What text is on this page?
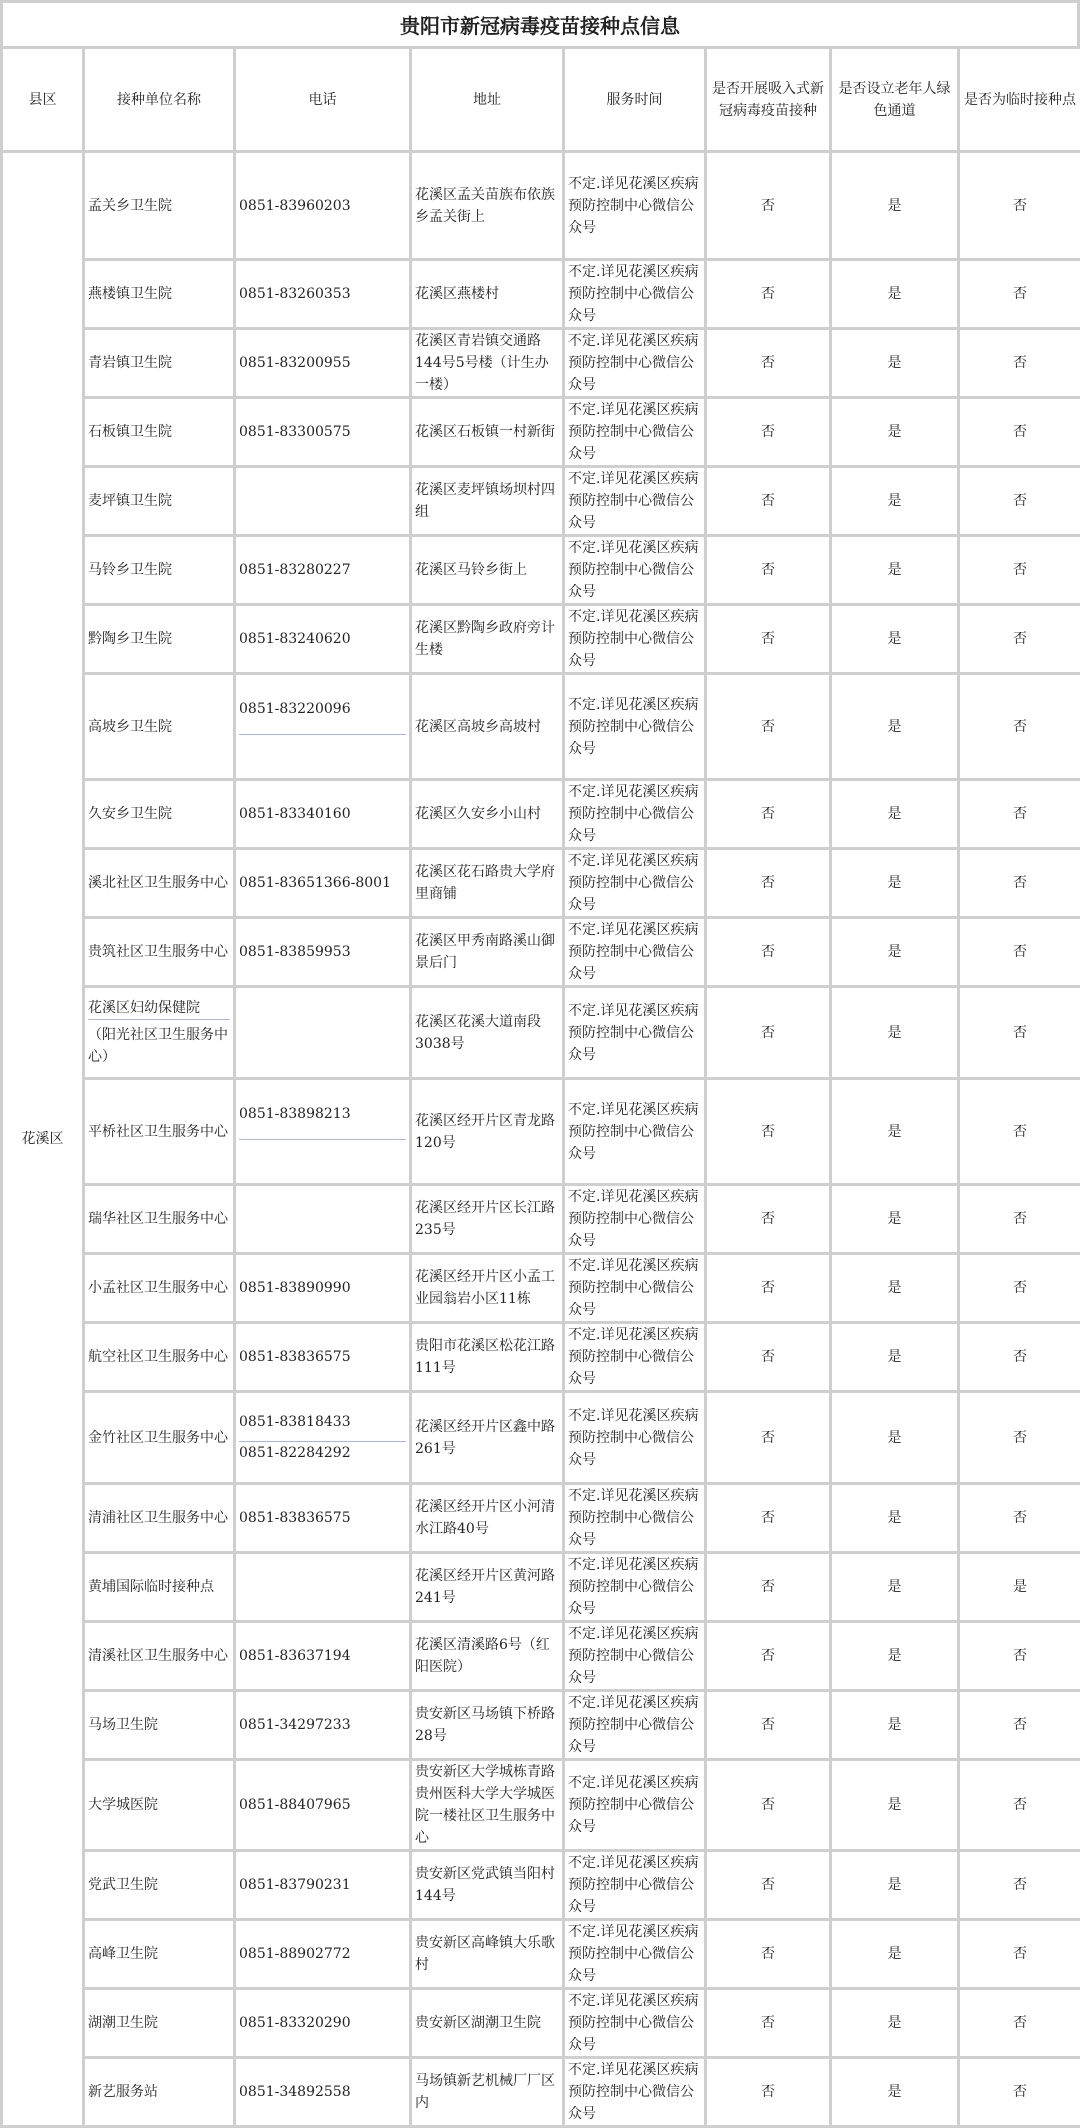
贵阳市新冠病毒疫苗接种点信息
县区	接种单位名称	电话	地址	服务时间	是否开展吸入式新冠病毒疫苗接种	是否设立老年人绿色通道	是否为临时接种点
花溪区	孟关乡卫生院	0851-83960203	花溪区孟关苗族布依族乡孟关街上	不定.详见花溪区疾病预防控制中心微信公众号	否	是	否

	燕楼镇卫生院	0851-83260353	花溪区燕楼村	不定.详见花溪区疾病预防控制中心微信公众号	否	是	否

	青岩镇卫生院	0851-83200955	花溪区青岩镇交通路144号5号楼（计生办一楼）	不定.详见花溪区疾病预防控制中心微信公众号	否	是	否

	石板镇卫生院	0851-83300575	花溪区石板镇一村新街	不定.详见花溪区疾病预防控制中心微信公众号	否	是	否

	麦坪镇卫生院		花溪区麦坪镇场坝村四组	不定.详见花溪区疾病预防控制中心微信公众号	否	是	否

	马铃乡卫生院	0851-83280227	花溪区马铃乡街上	不定.详见花溪区疾病预防控制中心微信公众号	否	是	否

	黔陶乡卫生院	0851-83240620	花溪区黔陶乡政府旁计生楼	不定.详见花溪区疾病预防控制中心微信公众号	否	是	否

	高坡乡卫生院	0851-83220096	花溪区高坡乡高坡村	不定.详见花溪区疾病预防控制中心微信公众号	否	是	否

	久安乡卫生院	0851-83340160	花溪区久安乡小山村	不定.详见花溪区疾病预防控制中心微信公众号	否	是	否

	溪北社区卫生服务中心	0851-83651366-8001	花溪区花石路贵大学府里商铺	不定.详见花溪区疾病预防控制中心微信公众号	否	是	否

	贵筑社区卫生服务中心	0851-83859953	花溪区甲秀南路溪山御景后门	不定.详见花溪区疾病预防控制中心微信公众号	否	是	否

	花溪区妇幼保健院
（阳光社区卫生服务中心）		花溪区花溪大道南段3038号	不定.详见花溪区疾病预防控制中心微信公众号	否	是	否

	平桥社区卫生服务中心	0851-83898213	花溪区经开片区青龙路120号	不定.详见花溪区疾病预防控制中心微信公众号	否	是	否

	瑞华社区卫生服务中心		花溪区经开片区长江路235号	不定.详见花溪区疾病预防控制中心微信公众号	否	是	否

	小孟社区卫生服务中心	0851-83890990	花溪区经开片区小孟工业园翁岩小区11栋	不定.详见花溪区疾病预防控制中心微信公众号	否	是	否

	航空社区卫生服务中心	0851-83836575	贵阳市花溪区松花江路111号	不定.详见花溪区疾病预防控制中心微信公众号	否	是	否

	金竹社区卫生服务中心	0851-83818433
0851-82284292	花溪区经开片区鑫中路261号	不定.详见花溪区疾病预防控制中心微信公众号	否	是	否

	清浦社区卫生服务中心	0851-83836575	花溪区经开片区小河清水江路40号	不定.详见花溪区疾病预防控制中心微信公众号	否	是	否

	黄埔国际临时接种点		花溪区经开片区黄河路241号	不定.详见花溪区疾病预防控制中心微信公众号	否	是	是

	清溪社区卫生服务中心	0851-83637194	花溪区清溪路6号（红阳医院）	不定.详见花溪区疾病预防控制中心微信公众号	否	是	否

	马场卫生院	0851-34297233	贵安新区马场镇下桥路28号	不定.详见花溪区疾病预防控制中心微信公众号	否	是	否

	大学城医院	0851-88407965	贵安新区大学城栋青路贵州医科大学大学城医院一楼社区卫生服务中心	不定.详见花溪区疾病预防控制中心微信公众号	否	是	否

	党武卫生院	0851-83790231	贵安新区党武镇当阳村144号	不定.详见花溪区疾病预防控制中心微信公众号	否	是	否

	高峰卫生院	0851-88902772	贵安新区高峰镇大乐歌村	不定.详见花溪区疾病预防控制中心微信公众号	否	是	否

	湖潮卫生院	0851-83320290	贵安新区湖潮卫生院	不定.详见花溪区疾病预防控制中心微信公众号	否	是	否

	新艺服务站	0851-34892558	马场镇新艺机械厂厂区内	不定.详见花溪区疾病预防控制中心微信公众号	否	是	否
